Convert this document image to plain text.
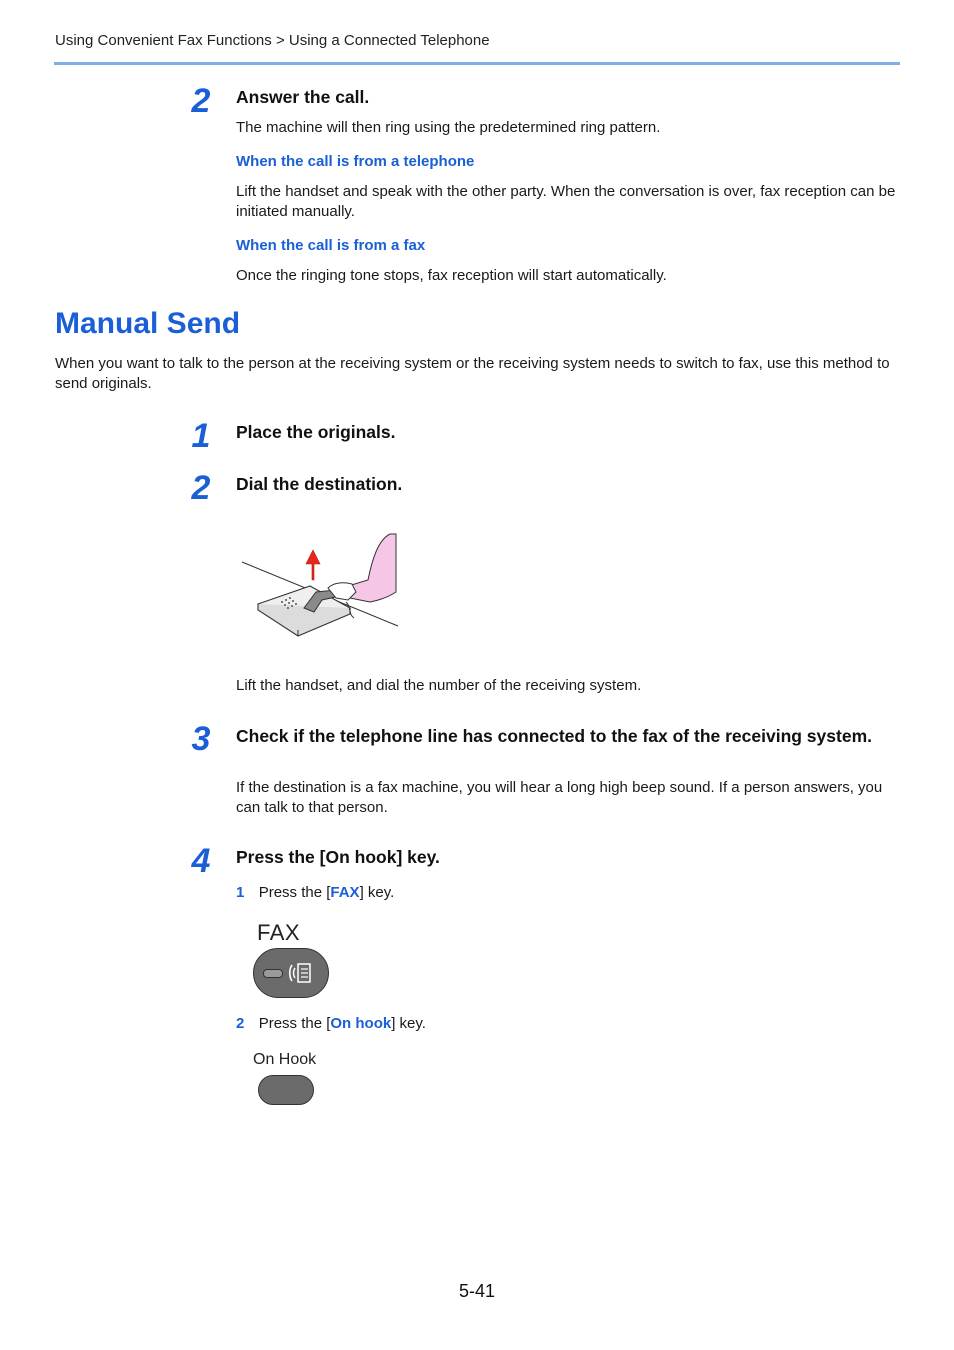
Using Convenient Fax Functions > Using a Connected Telephone
2	Answer the call.
The machine will then ring using the predetermined ring pattern.
When the call is from a telephone
Lift the handset and speak with the other party. When the conversation is over, fax reception can be initiated manually.
When the call is from a fax
Once the ringing tone stops, fax reception will start automatically.
Manual Send
When you want to talk to the person at the receiving system or the receiving system needs to switch to fax, use this method to send originals.
1	Place the originals.
2	Dial the destination.
Lift the handset, and dial the number of the receiving system.
3	Check if the telephone line has connected to the fax of the receiving system.
If the destination is a fax machine, you will hear a long high beep sound. If a person answers, you can talk to that person.
4	Press the [On hook] key.
1 Press the [FAX] key.
FAX
2 Press the [On hook] key.
On Hook
5-41
